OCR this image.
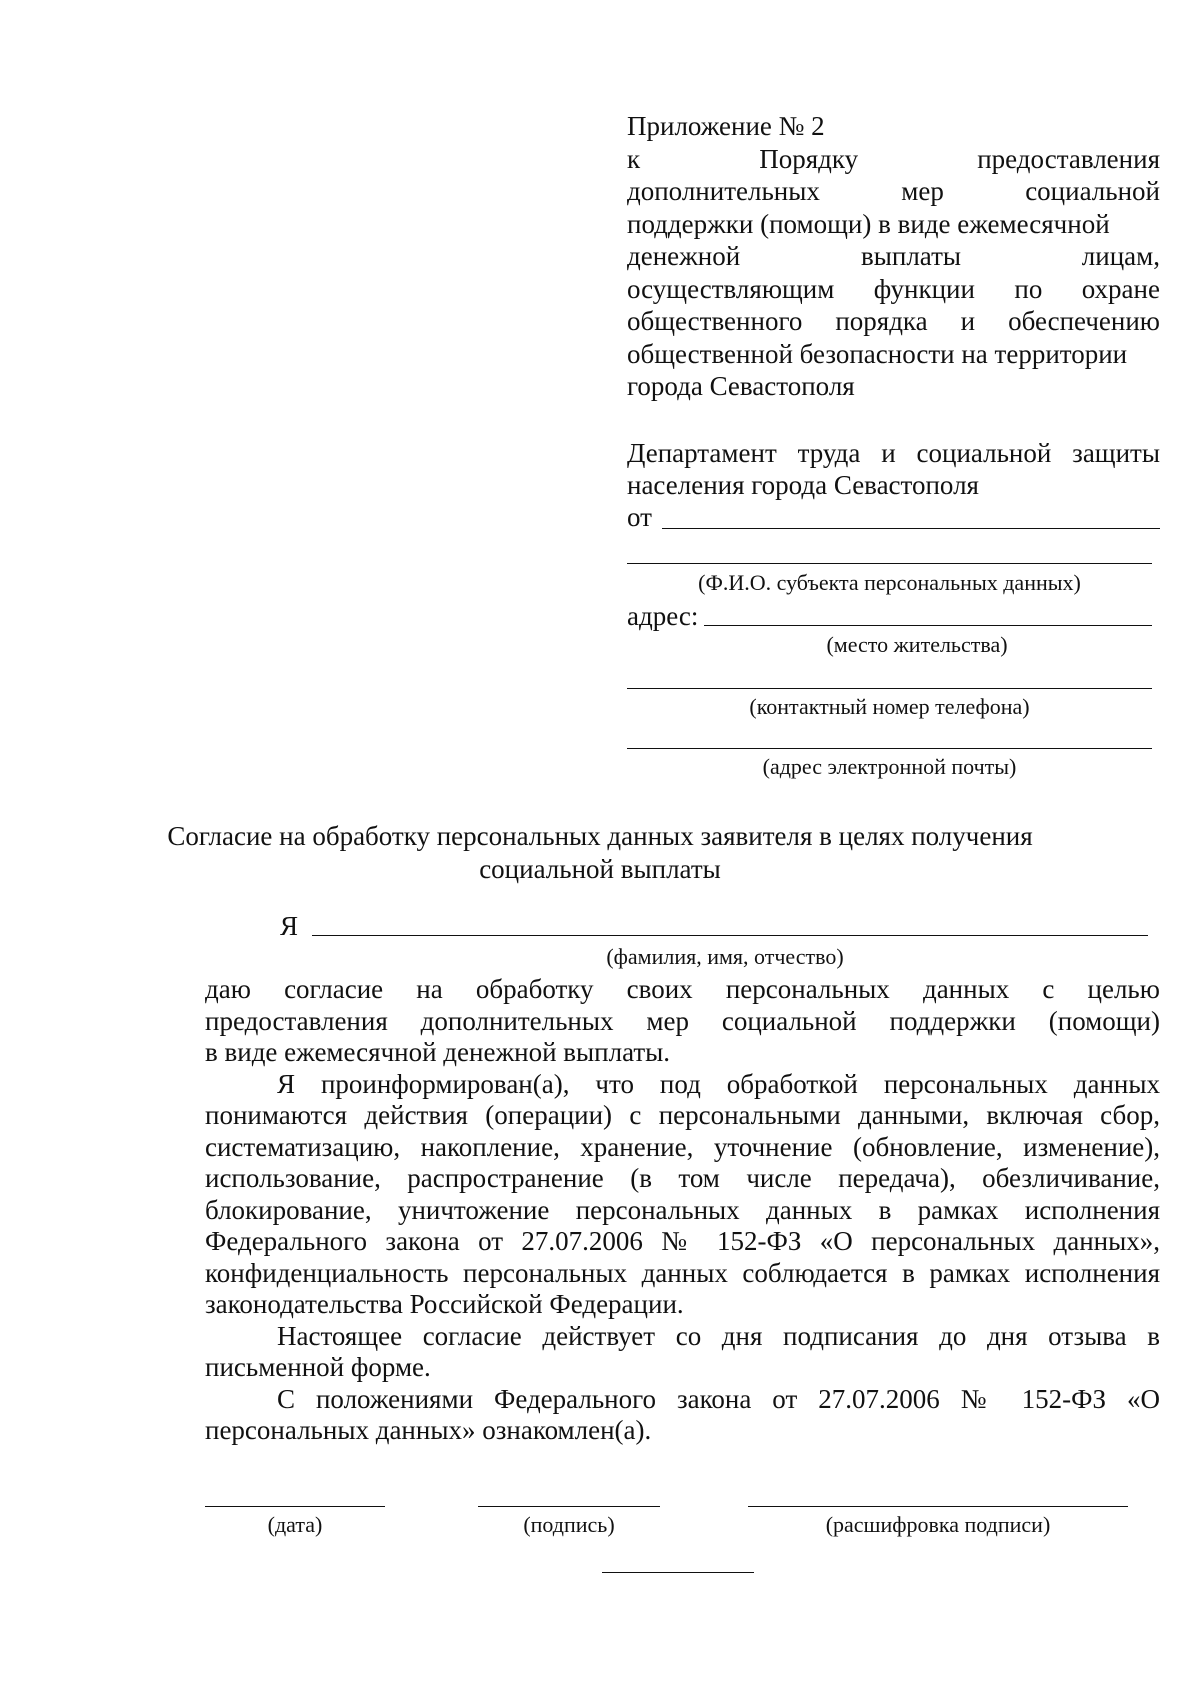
Приложение № 2
к	Порядку	предоставления
дополнительных	мер	социальной
поддержки (помощи) в виде ежемесячной
денежной	выплаты	лицам,
осуществляющим функции по охране
общественного порядка и обеспечению
общественной безопасности на территории
города Севастополя
Департамент труда и социальной защиты
населения города Севастополя
от
(Ф.И.О. субъекта персональных данных)
адрес:
(место жительства)
(контактный номер телефона)
(адрес электронной почты)
Согласие на обработку персональных данных заявителя в целях получения
социальной выплаты
Я
(фамилия, имя, отчество)
даю согласие на обработку своих персональных данных с целью
предоставления дополнительных мер социальной поддержки (помощи)
в виде ежемесячной денежной выплаты.

Я проинформирован(а), что под обработкой персональных данных понимаются действия (операции) с персональными данными, включая сбор, систематизацию, накопление, хранение, уточнение (обновление, изменение), использование, распространение (в том числе передача), обезличивание, блокирование, уничтожение персональных данных в рамках исполнения Федерального закона от 27.07.2006 № 152-ФЗ «О персональных данных», конфиденциальность персональных данных соблюдается в рамках исполнения законодательства Российской Федерации.

Настоящее согласие действует со дня подписания до дня отзыва в письменной форме.

С положениями Федерального закона от 27.07.2006 № 152-ФЗ «О персональных данных» ознакомлен(а).

(дата)	(подпись)	(расшифровка подписи)
